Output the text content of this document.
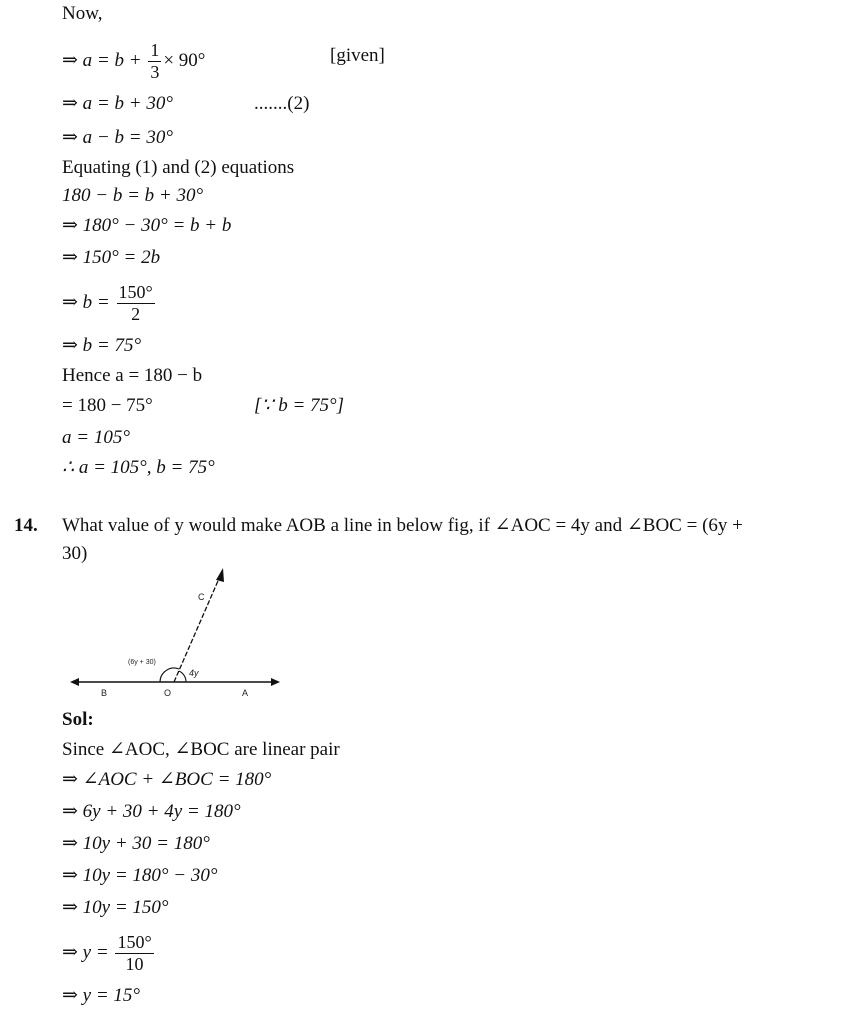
Now,
⇒ $a = b + \frac{1}{3} \times 90^\circ$	[given]
⇒ a = b + 30°	.......(2)
⇒ a − b = 30°
Equating (1) and (2) equations
180 − b = b + 30°
⇒ 180° − 30° = b + b
⇒ 150° = 2b
⇒ $b = \frac{150^\circ}{2}$
⇒ b = 75°
Hence a = 180 − b
= 180 − 75°	[∵ b = 75°]
a = 105°
∴ a = 105°, b = 75°
14. What value of y would make AOB a line in below fig, if ∠AOC = 4y and ∠BOC = (6y +
30)
C
B	O	A
(6y + 30)
4y
Sol:
Since ∠AOC, ∠BOC are linear pair
⇒ ∠AOC + ∠BOC = 180°
⇒ 6y + 30 + 4y = 180°
⇒ 10y + 30 = 180°
⇒ 10y = 180° − 30°
⇒ 10y = 150°
⇒ $y = \frac{150^\circ}{10}$
⇒ y = 15°
